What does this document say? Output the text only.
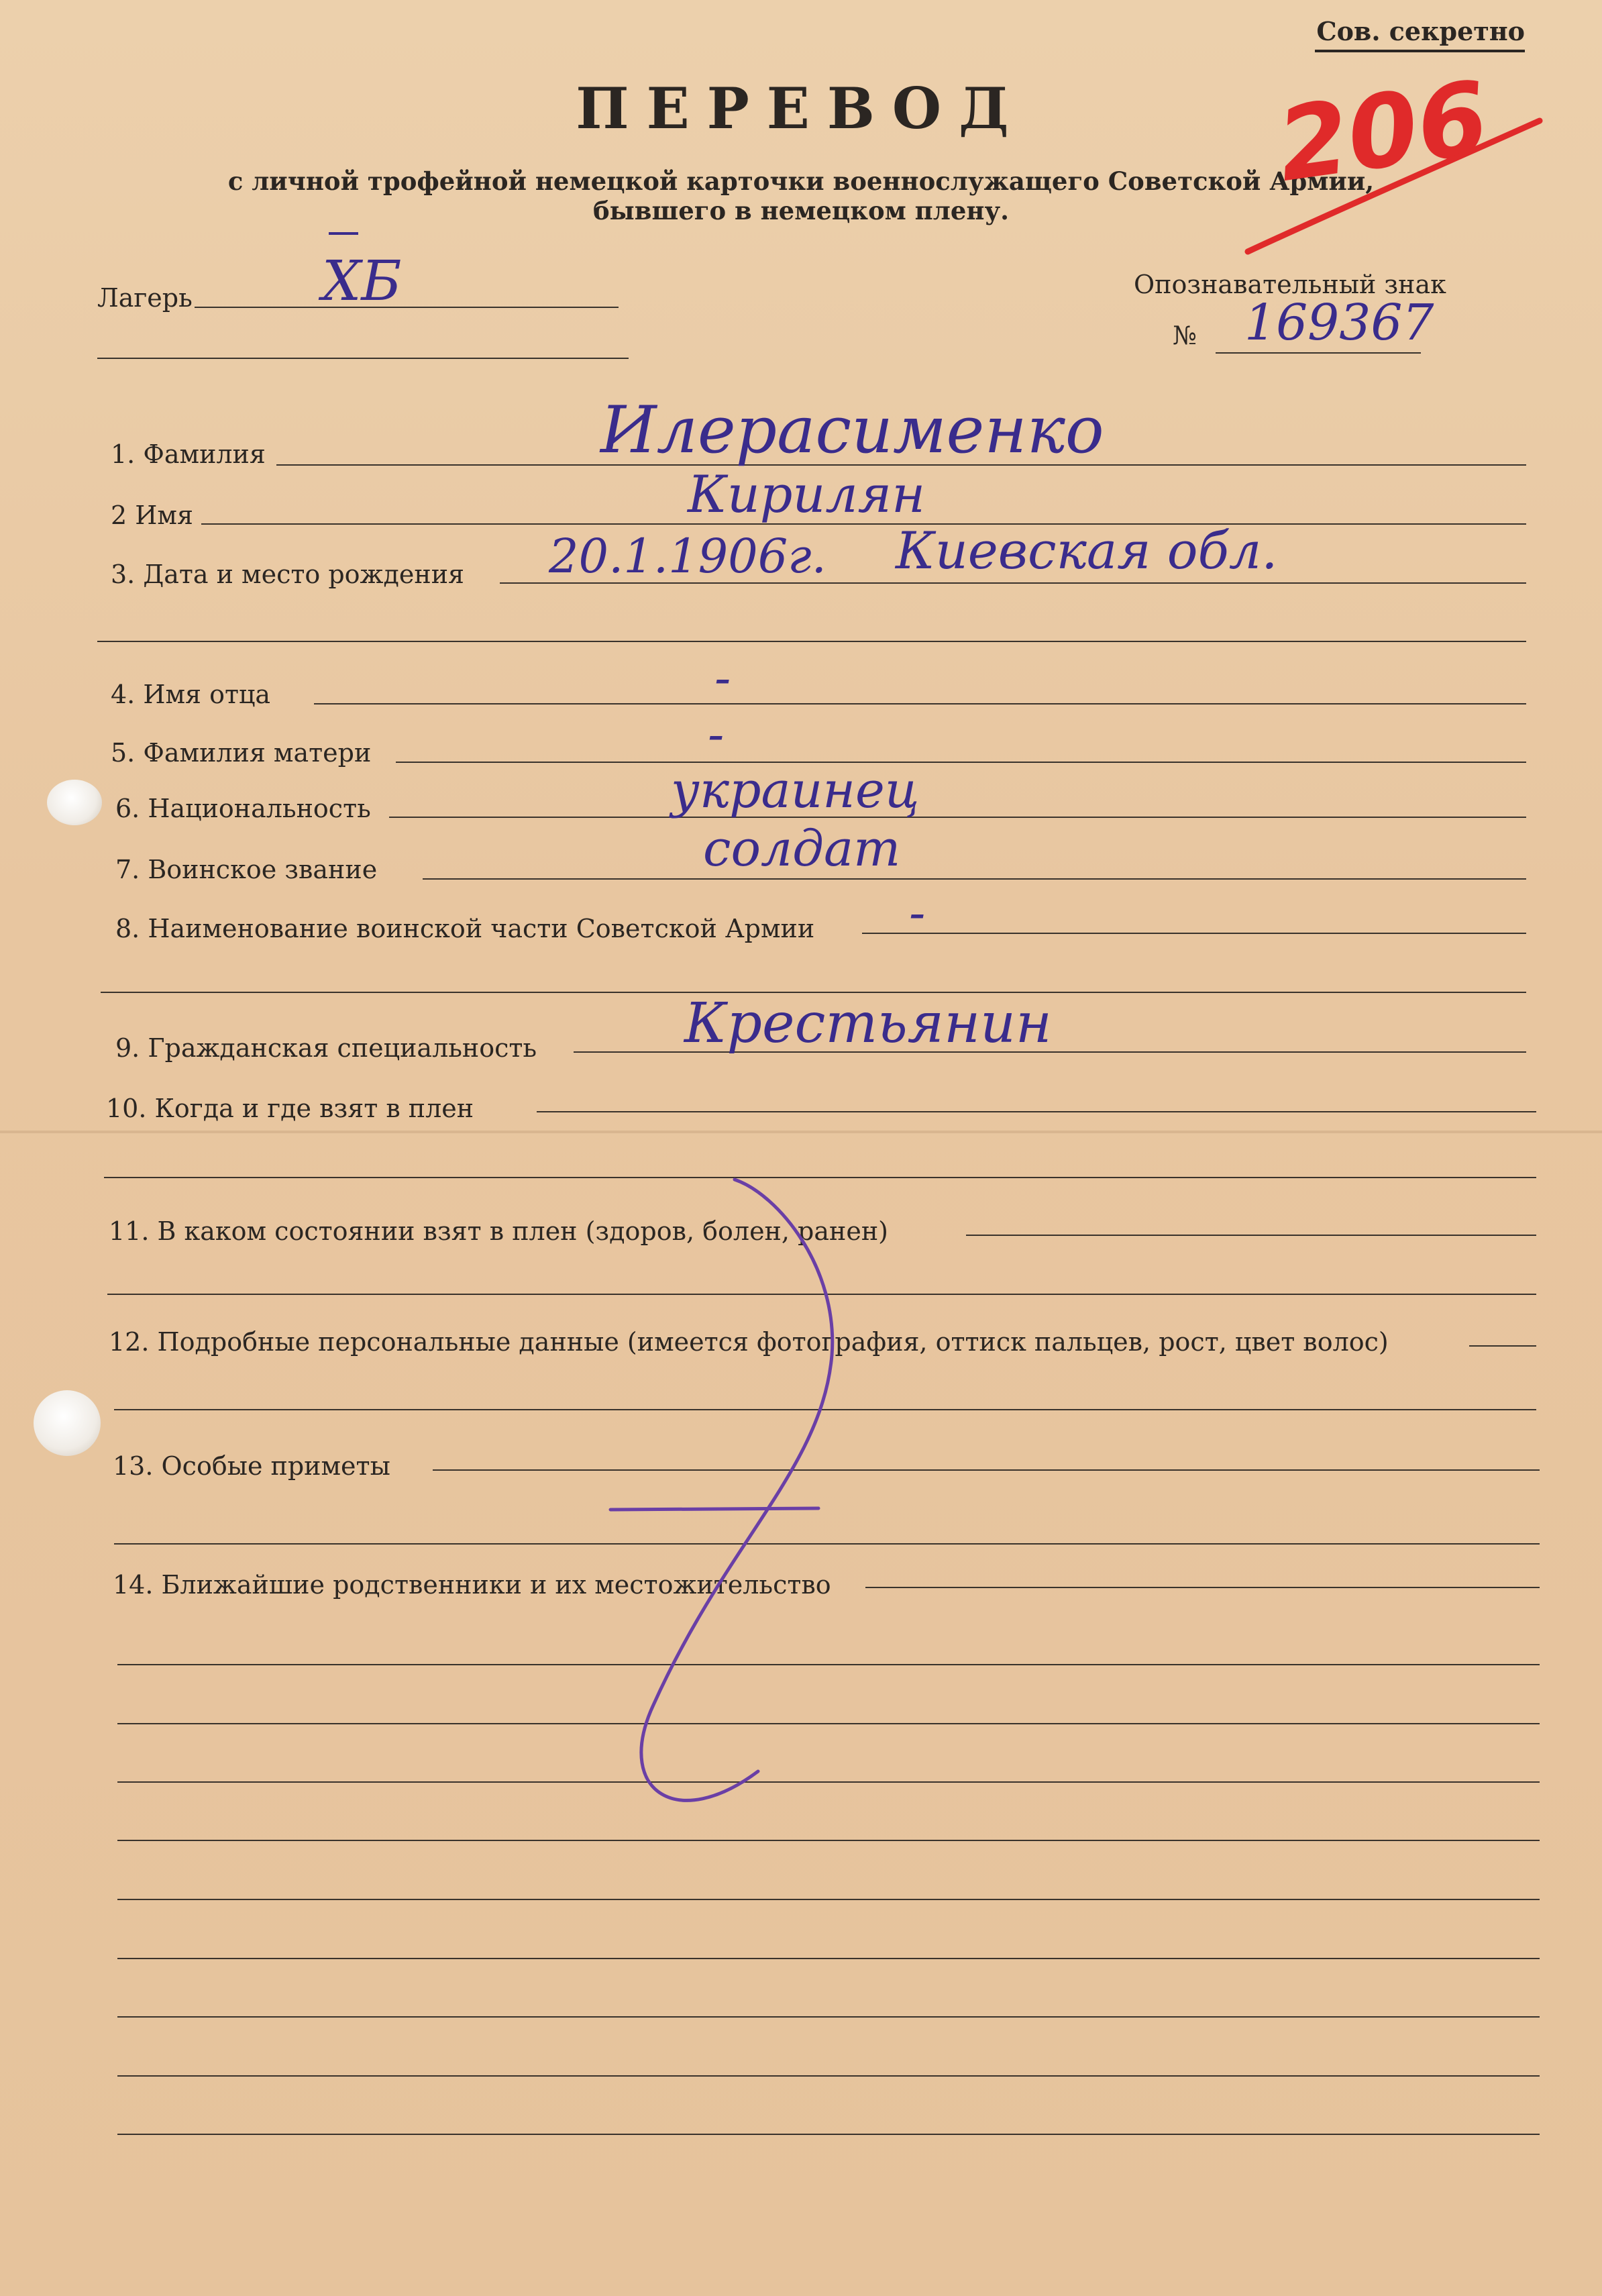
Сов. секретно
ПЕРЕВОД
с личной трофейной немецкой карточки военнослужащего Советской Армии,
бывшего в немецком плену.
206
Лагерь ХБ	Опознавательный знак
№ 169367
1. Фамилия	Илерасименко
2 Имя	Кирилян
3. Дата и место рождения 20.1.1906г. Киевская обл.
4. Имя отца	-
5. Фамилия матери	-
6. Национальность	украинец
7. Воинское звание	солдат
8. Наименование воинской части Советской Армии -
9. Гражданская специальность	Крестьянин
10. Когда и где взят в плен
11. В каком состоянии взят в плен (здоров, болен, ранен)
12. Подробные персональные данные (имеется фотография, оттиск пальцев, рост, цвет волос)
13. Особые приметы
14. Ближайшие родственники и их местожительство
